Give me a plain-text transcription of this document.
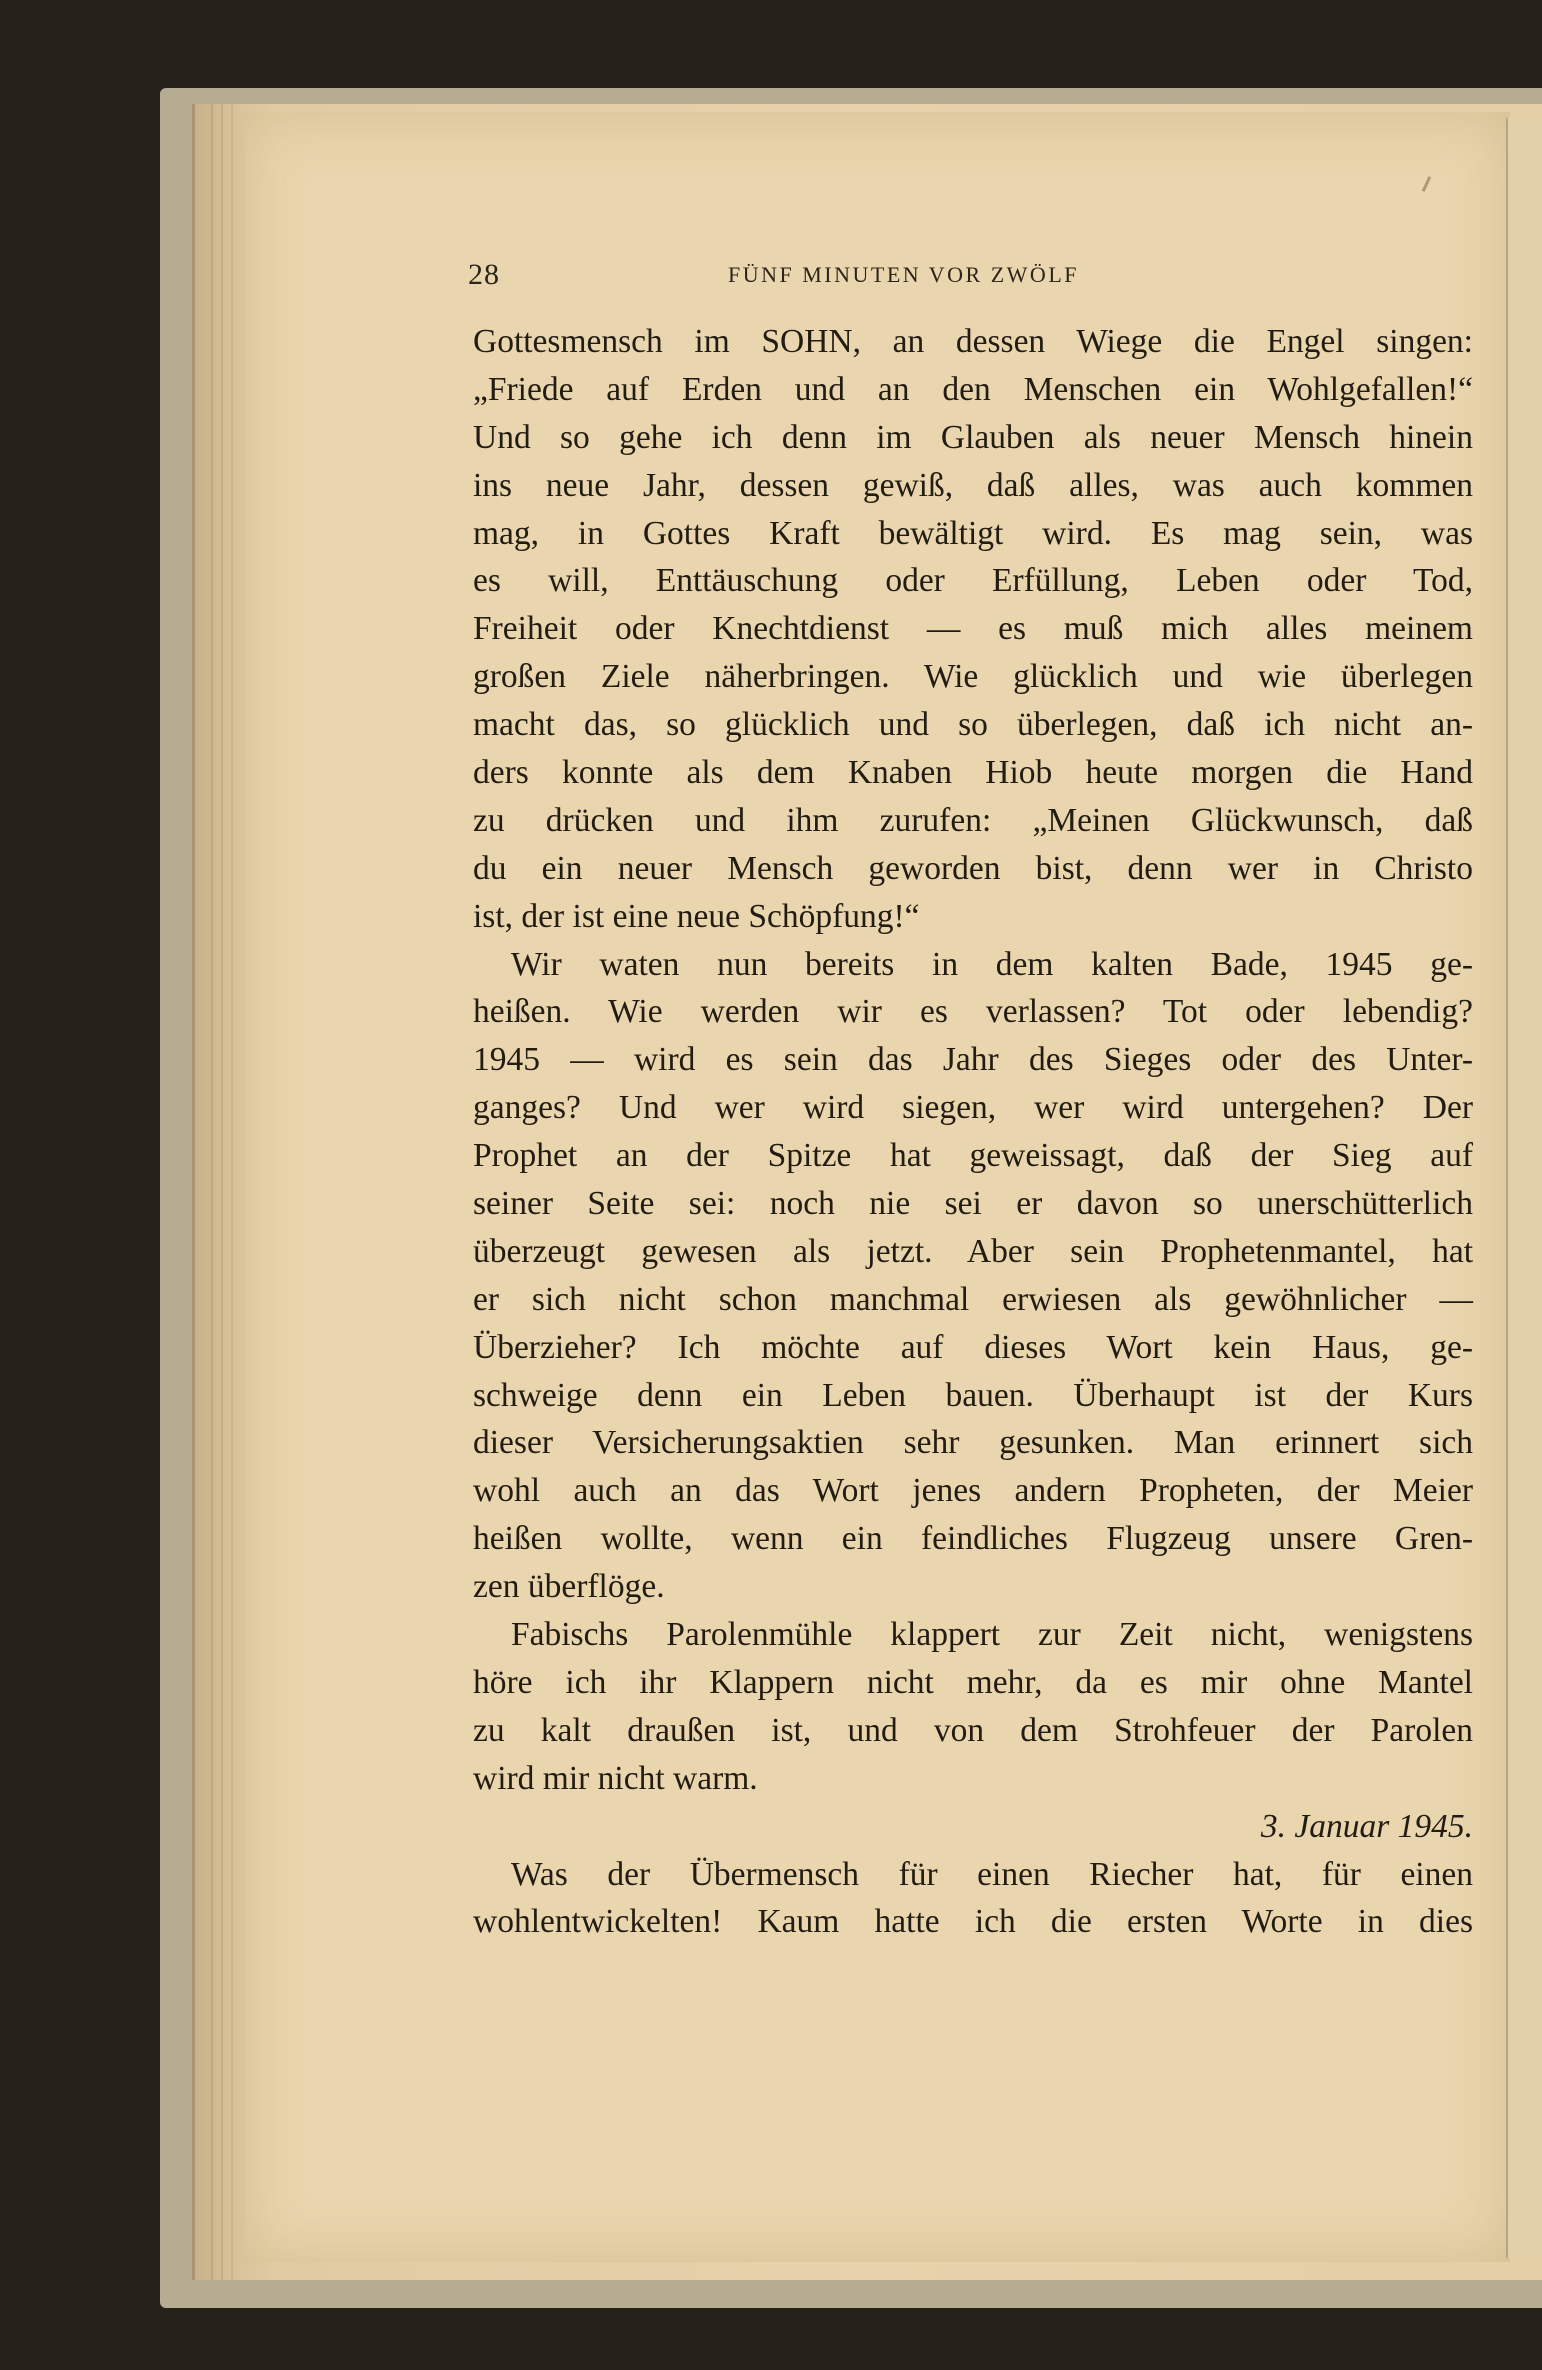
28	FÜNF MINUTEN VOR ZWÖLF
Gottesmensch im SOHN, an dessen Wiege die Engel singen:
„Friede auf Erden und an den Menschen ein Wohlgefallen!“
Und so gehe ich denn im Glauben als neuer Mensch hinein
ins neue Jahr, dessen gewiß, daß alles, was auch kommen
mag, in Gottes Kraft bewältigt wird. Es mag sein, was
es will, Enttäuschung oder Erfüllung, Leben oder Tod,
Freiheit oder Knechtdienst — es muß mich alles meinem
großen Ziele näherbringen. Wie glücklich und wie überlegen
macht das, so glücklich und so überlegen, daß ich nicht an-
ders konnte als dem Knaben Hiob heute morgen die Hand
zu drücken und ihm zurufen: „Meinen Glückwunsch, daß
du ein neuer Mensch geworden bist, denn wer in Christo
ist, der ist eine neue Schöpfung!“
Wir waten nun bereits in dem kalten Bade, 1945 ge-
heißen. Wie werden wir es verlassen? Tot oder lebendig?
1945 — wird es sein das Jahr des Sieges oder des Unter-
ganges? Und wer wird siegen, wer wird untergehen? Der
Prophet an der Spitze hat geweissagt, daß der Sieg auf
seiner Seite sei: noch nie sei er davon so unerschütterlich
überzeugt gewesen als jetzt. Aber sein Prophetenmantel, hat
er sich nicht schon manchmal erwiesen als gewöhnlicher —
Überzieher? Ich möchte auf dieses Wort kein Haus, ge-
schweige denn ein Leben bauen. Überhaupt ist der Kurs
dieser Versicherungsaktien sehr gesunken. Man erinnert sich
wohl auch an das Wort jenes andern Propheten, der Meier
heißen wollte, wenn ein feindliches Flugzeug unsere Gren-
zen überflöge.
Fabischs Parolenmühle klappert zur Zeit nicht, wenigstens
höre ich ihr Klappern nicht mehr, da es mir ohne Mantel
zu kalt draußen ist, und von dem Strohfeuer der Parolen
wird mir nicht warm.
3. Januar 1945.
Was der Übermensch für einen Riecher hat, für einen
wohlentwickelten! Kaum hatte ich die ersten Worte in dies
